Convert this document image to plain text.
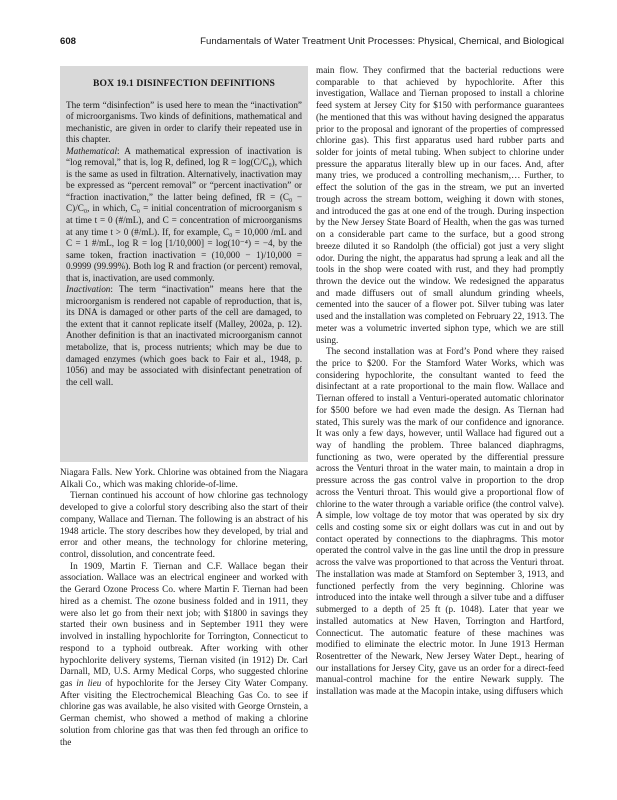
608	Fundamentals of Water Treatment Unit Processes: Physical, Chemical, and Biological
BOX 19.1 DISINFECTION DEFINITIONS

The term “disinfection” is used here to mean the “inactivation” of microorganisms. Two kinds of definitions, mathematical and mechanistic, are given in order to clarify their repeated use in this chapter.

Mathematical: A mathematical expression of inactivation is “log removal,” that is, log R, defined, log R = log(C/C₀), which is the same as used in filtration. Alternatively, inactivation may be expressed as “percent removal” or “percent inactivation” or “fraction inactivation,” the latter being defined, fR = (C₀ − C)/C₀, in which, C₀ = initial concentration of microorganism s at time t = 0 (#/mL), and C = concentration of microorganisms at any time t > 0 (#/mL). If, for example, C₀ = 10,000 /mL and C = 1 #/mL, log R = log [1/10,000] = log(10⁻⁴) = −4, by the same token, fraction inactivation = (10,000 − 1)/10,000 = 0.9999 (99.99%). Both log R and fraction (or percent) removal, that is, inactivation, are used commonly.

Inactivation: The term “inactivation” means here that the microorganism is rendered not capable of reproduction, that is, its DNA is damaged or other parts of the cell are damaged, to the extent that it cannot replicate itself (Malley, 2002a, p. 12). Another definition is that an inactivated microorganism cannot metabolize, that is, process nutrients; which may be due to damaged enzymes (which goes back to Fair et al., 1948, p. 1056) and may be associated with disinfectant penetration of the cell wall.

Niagara Falls. New York. Chlorine was obtained from the Niagara Alkali Co., which was making chloride-of-lime.

Tiernan continued his account of how chlorine gas technology developed to give a colorful story describing also the start of their company, Wallace and Tiernan. The following is an abstract of his 1948 article. The story describes how they developed, by trial and error and other means, the technology for chlorine metering, control, dissolution, and concentrate feed.

In 1909, Martin F. Tiernan and C.F. Wallace began their association. Wallace was an electrical engineer and worked with the Gerard Ozone Process Co. where Martin F. Tiernan had been hired as a chemist. The ozone business folded and in 1911, they were also let go from their next job; with $1800 in savings they started their own business and in September 1911 they were involved in installing hypochlorite for Torrington, Connecticut to respond to a typhoid outbreak. After working with other hypochlorite delivery systems, Tiernan visited (in 1912) Dr. Carl Darnall, MD, U.S. Army Medical Corps, who suggested chlorine gas in lieu of hypochlorite for the Jersey City Water Company. After visiting the Electrochemical Bleaching Gas Co. to see if chlorine gas was available, he also visited with George Ornstein, a German chemist, who showed a method of making a chlorine solution from chlorine gas that was then fed through an orifice to the

main flow. They confirmed that the bacterial reductions were comparable to that achieved by hypochlorite. After this investigation, Wallace and Tiernan proposed to install a chlorine feed system at Jersey City for $150 with performance guarantees (he mentioned that this was without having designed the apparatus prior to the proposal and ignorant of the properties of compressed chlorine gas). This first apparatus used hard rubber parts and solder for joints of metal tubing. When subject to chlorine under pressure the apparatus literally blew up in our faces. And, after many tries, we produced a controlling mechanism,… Further, to effect the solution of the gas in the stream, we put an inverted trough across the stream bottom, weighing it down with stones, and introduced the gas at one end of the trough. During inspection by the New Jersey State Board of Health, when the gas was turned on a considerable part came to the surface, but a good strong breeze diluted it so Randolph (the official) got just a very slight odor. During the night, the apparatus had sprung a leak and all the tools in the shop were coated with rust, and they had promptly thrown the device out the window. We redesigned the apparatus and made diffusers out of small alundum grinding wheels, cemented into the saucer of a flower pot. Silver tubing was later used and the installation was completed on February 22, 1913. The meter was a volumetric inverted siphon type, which we are still using.

The second installation was at Ford’s Pond where they raised the price to $200. For the Stamford Water Works, which was considering hypochlorite, the consultant wanted to feed the disinfectant at a rate proportional to the main flow. Wallace and Tiernan offered to install a Venturi-operated automatic chlorinator for $500 before we had even made the design. As Tiernan had stated, This surely was the mark of our confidence and ignorance. It was only a few days, however, until Wallace had figured out a way of handling the problem. Three balanced diaphragms, functioning as two, were operated by the differential pressure across the Venturi throat in the water main, to maintain a drop in pressure across the gas control valve in proportion to the drop across the Venturi throat. This would give a proportional flow of chlorine to the water through a variable orifice (the control valve). A simple, low voltage de toy motor that was operated by six dry cells and costing some six or eight dollars was cut in and out by contact operated by connections to the diaphragms. This motor operated the control valve in the gas line until the drop in pressure across the valve was proportioned to that across the Venturi throat. The installation was made at Stamford on September 3, 1913, and functioned perfectly from the very beginning. Chlorine was introduced into the intake well through a silver tube and a diffuser submerged to a depth of 25 ft (p. 1048). Later that year we installed automatics at New Haven, Torrington and Hartford, Connecticut. The automatic feature of these machines was modified to eliminate the electric motor. In June 1913 Herman Rosentretter of the Newark, New Jersey Water Dept., hearing of our installations for Jersey City, gave us an order for a direct-feed manual-control machine for the entire Newark supply. The installation was made at the Macopin intake, using diffusers which
